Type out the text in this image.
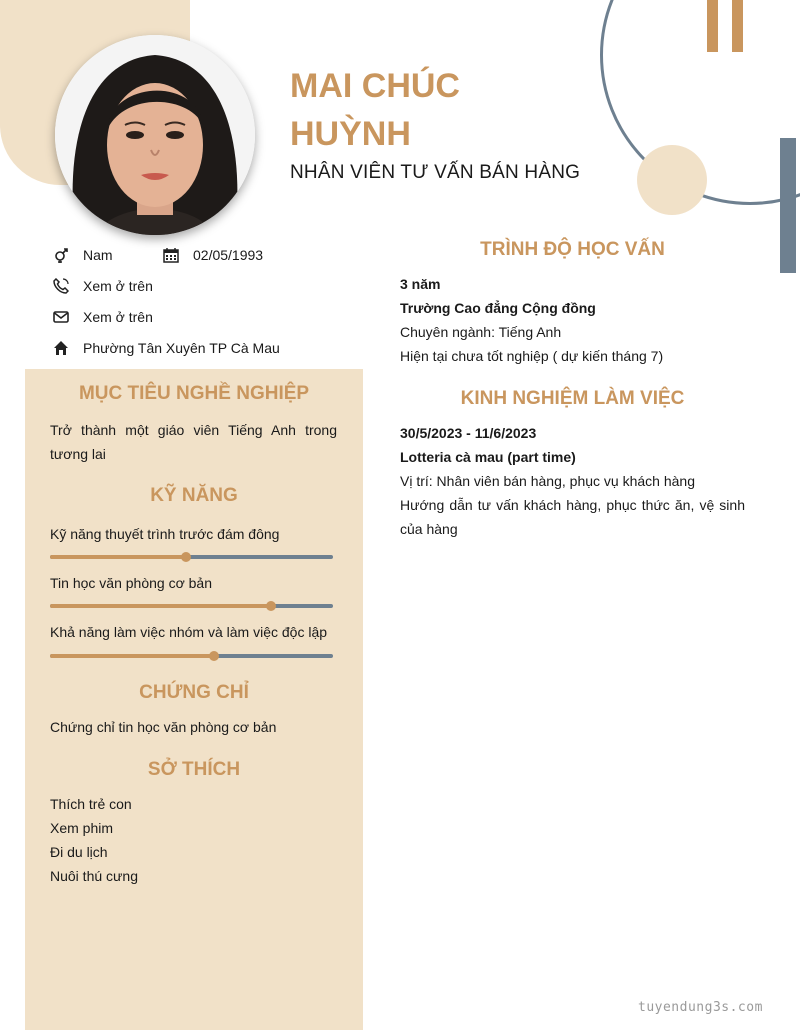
MAI CHÚC
HUỲNH
NHÂN VIÊN TƯ VẤN BÁN HÀNG
Nam	02/05/1993
Xem ở trên
Xem ở trên
Phường Tân Xuyên TP Cà Mau
MỤC TIÊU NGHỀ NGHIỆP
Trở thành một giáo viên Tiếng Anh trong tương lai
KỸ NĂNG
Kỹ năng thuyết trình trước đám đông
Tin học văn phòng cơ bản
Khả năng làm việc nhóm và làm việc độc lập
CHỨNG CHỈ
Chứng chỉ tin học văn phòng cơ bản
SỞ THÍCH
Thích trẻ con
Xem phim
Đi du lịch
Nuôi thú cưng
TRÌNH ĐỘ HỌC VẤN
3 năm
Trường Cao đẳng Cộng đồng
Chuyên ngành: Tiếng Anh
Hiện tại chưa tốt nghiệp ( dự kiến tháng 7)
KINH NGHIỆM LÀM VIỆC
30/5/2023 - 11/6/2023
Lotteria cà mau (part time)
Vị trí: Nhân viên bán hàng, phục vụ khách hàng
Hướng dẫn tư vấn khách hàng, phục thức ăn, vệ sinh của hàng
tuyendung3s.com
